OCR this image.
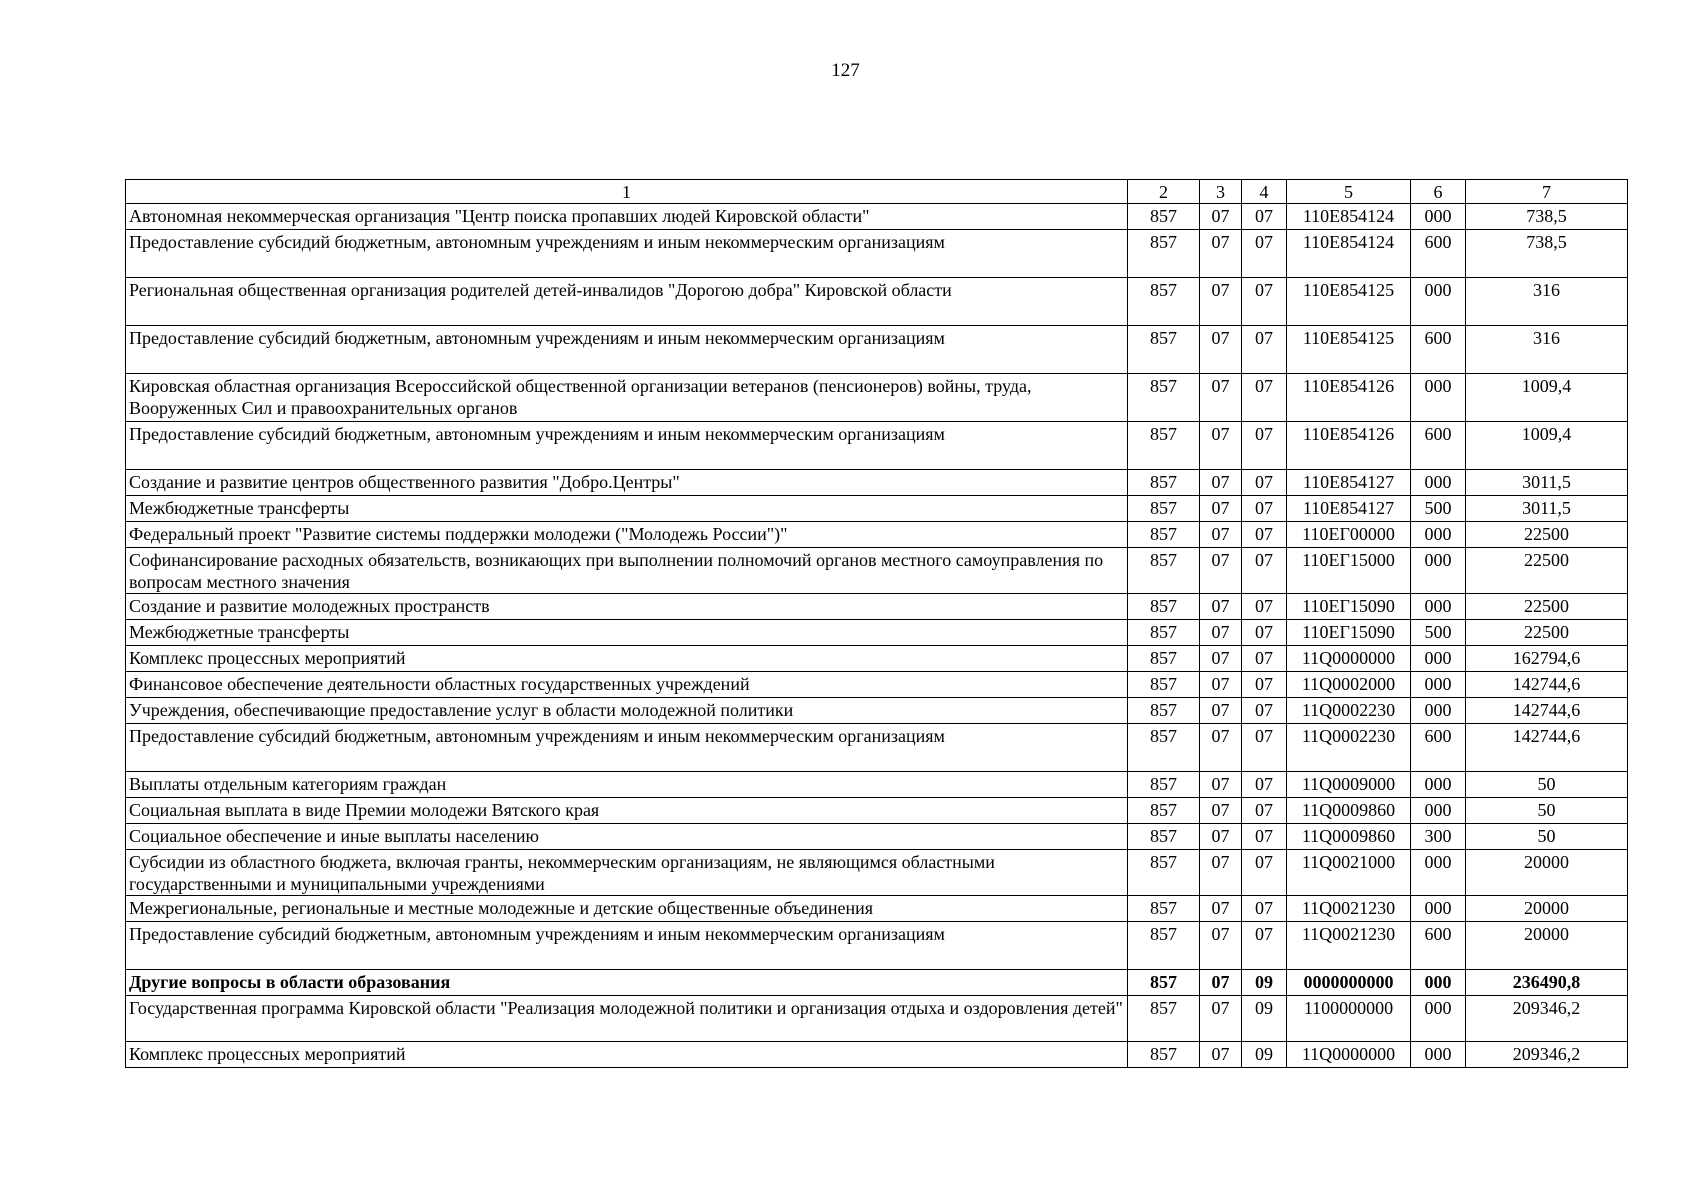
127
1	2	3	4	5	6	7
Автономная некоммерческая организация "Центр поиска пропавших людей Кировской области"	857	07	07	110E854124	000	738,5
Предоставление субсидий бюджетным, автономным учреждениям и иным некоммерческим организациям	857	07	07	110E854124	600	738,5
Региональная общественная организация родителей детей-инвалидов "Дорогою добра" Кировской области	857	07	07	110E854125	000	316
Предоставление субсидий бюджетным, автономным учреждениям и иным некоммерческим организациям	857	07	07	110E854125	600	316
Кировская областная организация Всероссийской общественной организации ветеранов (пенсионеров) войны, труда, Вооруженных Сил и правоохранительных органов	857	07	07	110E854126	000	1009,4
Предоставление субсидий бюджетным, автономным учреждениям и иным некоммерческим организациям	857	07	07	110E854126	600	1009,4
Создание и развитие центров общественного развития "Добро.Центры"	857	07	07	110E854127	000	3011,5
Межбюджетные трансферты	857	07	07	110E854127	500	3011,5
Федеральный проект "Развитие системы поддержки молодежи ("Молодежь России")"	857	07	07	110ЕГ00000	000	22500
Софинансирование расходных обязательств, возникающих при выполнении полномочий органов местного самоуправления по вопросам местного значения	857	07	07	110ЕГ15000	000	22500
Создание и развитие молодежных пространств	857	07	07	110ЕГ15090	000	22500
Межбюджетные трансферты	857	07	07	110ЕГ15090	500	22500
Комплекс процессных мероприятий	857	07	07	11Q0000000	000	162794,6
Финансовое обеспечение деятельности областных государственных учреждений	857	07	07	11Q0002000	000	142744,6
Учреждения, обеспечивающие предоставление услуг в области молодежной политики	857	07	07	11Q0002230	000	142744,6
Предоставление субсидий бюджетным, автономным учреждениям и иным некоммерческим организациям	857	07	07	11Q0002230	600	142744,6
Выплаты отдельным категориям граждан	857	07	07	11Q0009000	000	50
Социальная выплата в виде Премии молодежи Вятского края	857	07	07	11Q0009860	000	50
Социальное обеспечение и иные выплаты населению	857	07	07	11Q0009860	300	50
Субсидии из областного бюджета, включая гранты, некоммерческим организациям, не являющимся областными государственными и муниципальными учреждениями	857	07	07	11Q0021000	000	20000
Межрегиональные, региональные и местные молодежные и детские общественные объединения	857	07	07	11Q0021230	000	20000
Предоставление субсидий бюджетным, автономным учреждениям и иным некоммерческим организациям	857	07	07	11Q0021230	600	20000
Другие вопросы в области образования	857	07	09	0000000000	000	236490,8
Государственная программа Кировской области "Реализация молодежной политики и организация отдыха и оздоровления детей"	857	07	09	1100000000	000	209346,2
Комплекс процессных мероприятий	857	07	09	11Q0000000	000	209346,2
